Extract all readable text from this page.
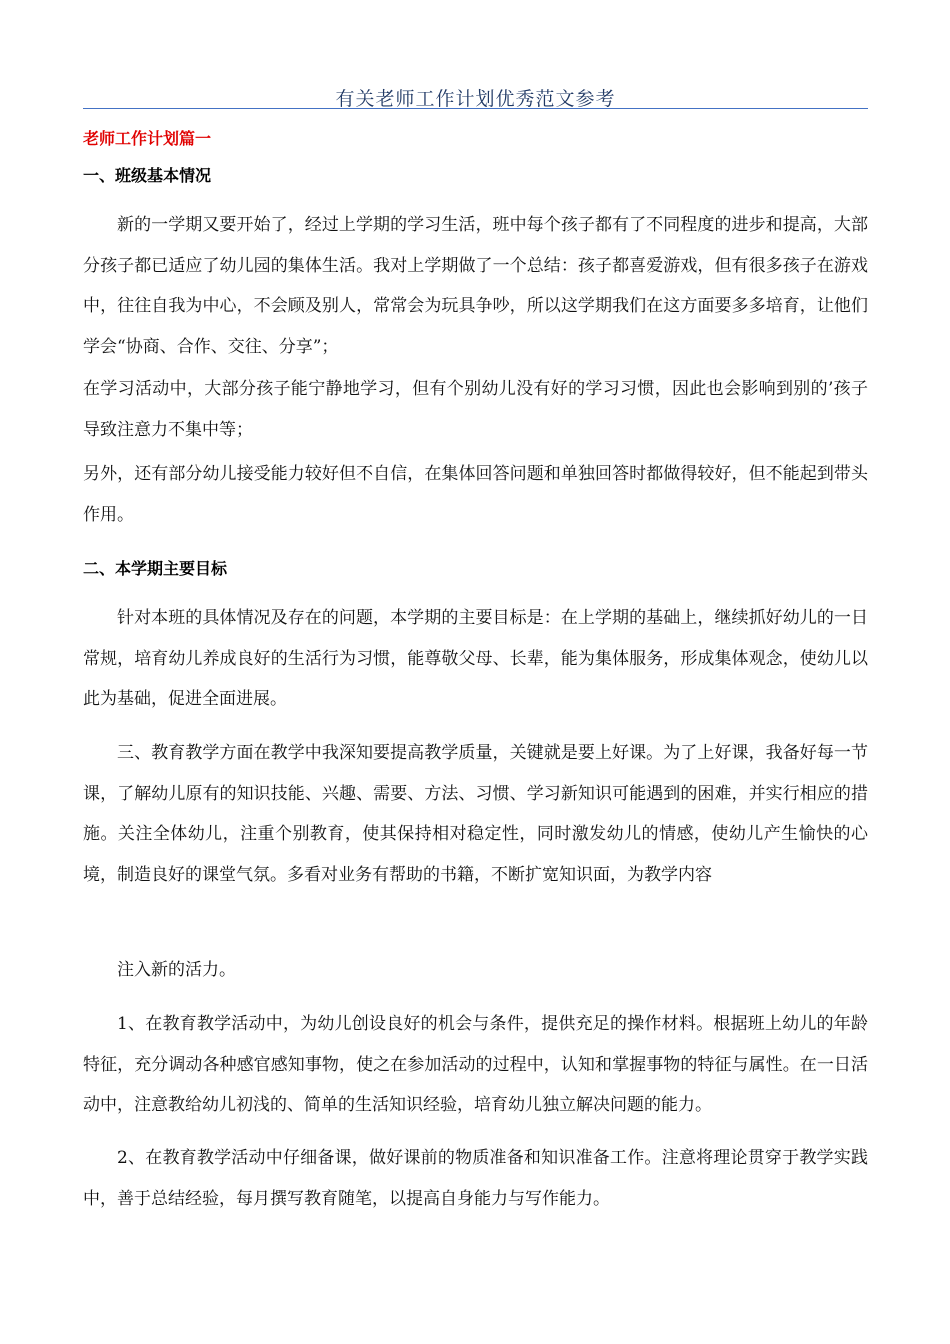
有关老师工作计划优秀范文参考
老师工作计划篇一
一、班级基本情况

新的一学期又要开始了，经过上学期的学习生活，班中每个孩子都有了不同程度的进步和提高，大部分孩子都已适应了幼儿园的集体生活。我对上学期做了一个总结：孩子都喜爱游戏，但有很多孩子在游戏中，往往自我为中心，不会顾及别人，常常会为玩具争吵，所以这学期我们在这方面要多多培育，让他们学会“协商、合作、交往、分享”；

在学习活动中，大部分孩子能宁静地学习，但有个别幼儿没有好的学习习惯，因此也会影响到别的’孩子导致注意力不集中等；

另外，还有部分幼儿接受能力较好但不自信，在集体回答问题和单独回答时都做得较好，但不能起到带头作用。

二、本学期主要目标

针对本班的具体情况及存在的问题，本学期的主要目标是：在上学期的基础上，继续抓好幼儿的一日常规，培育幼儿养成良好的生活行为习惯，能尊敬父母、长辈，能为集体服务，形成集体观念，使幼儿以此为基础，促进全面进展。

三、教育教学方面在教学中我深知要提高教学质量，关键就是要上好课。为了上好课，我备好每一节课，了解幼儿原有的知识技能、兴趣、需要、方法、习惯、学习新知识可能遇到的困难，并实行相应的措施。关注全体幼儿，注重个别教育，使其保持相对稳定性，同时激发幼儿的情感，使幼儿产生愉快的心境，制造良好的课堂气氛。多看对业务有帮助的书籍，不断扩宽知识面，为教学内容

注入新的活力。

1、在教育教学活动中，为幼儿创设良好的机会与条件，提供充足的操作材料。根据班上幼儿的年龄特征，充分调动各种感官感知事物，使之在参加活动的过程中，认知和掌握事物的特征与属性。在一日活动中，注意教给幼儿初浅的、简单的生活知识经验，培育幼儿独立解决问题的能力。

2、在教育教学活动中仔细备课，做好课前的物质准备和知识准备工作。注意将理论贯穿于教学实践中，善于总结经验，每月撰写教育随笔，以提高自身能力与写作能力。
